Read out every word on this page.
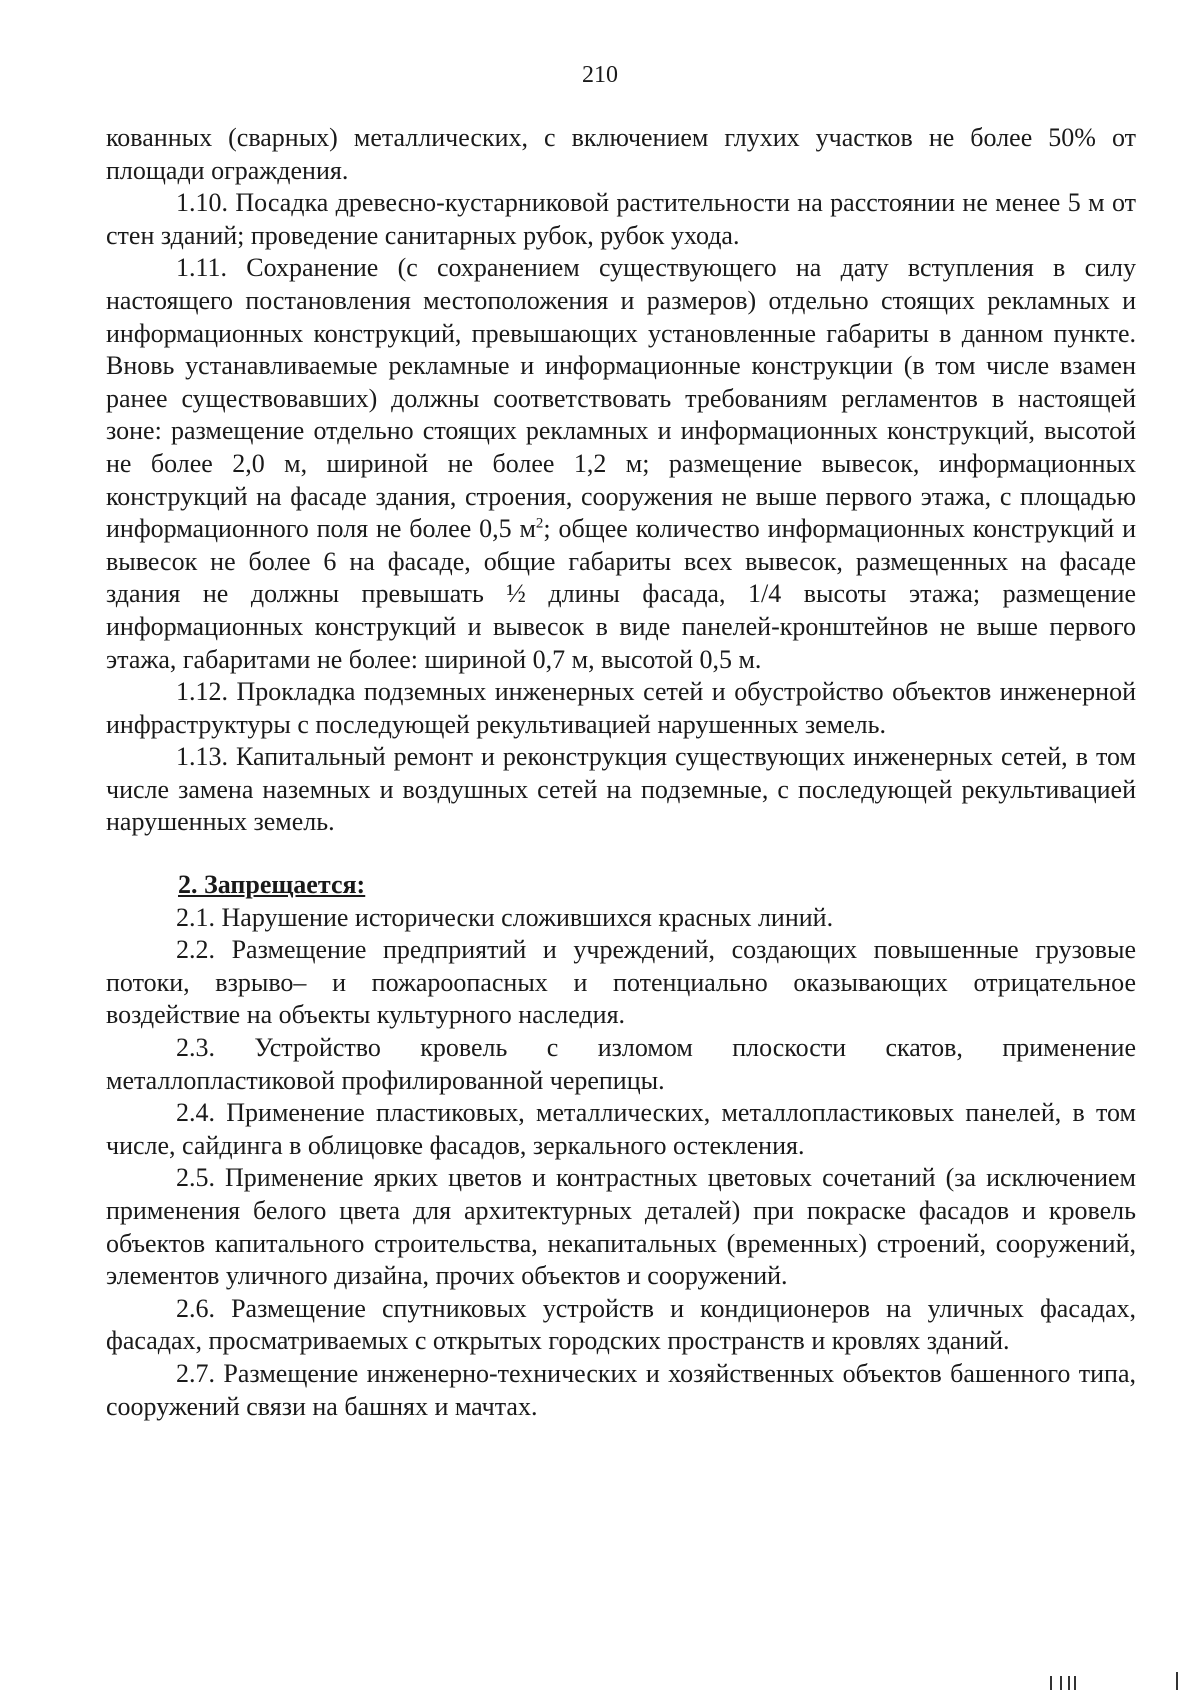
210

кованных (сварных) металлических, с включением глухих участков не более 50% от площади ограждения.

1.10. Посадка древесно-кустарниковой растительности на расстоянии не менее 5 м от стен зданий; проведение санитарных рубок, рубок ухода.

1.11. Сохранение (с сохранением существующего на дату вступления в силу настоящего постановления местоположения и размеров) отдельно стоящих рекламных и информационных конструкций, превышающих установленные габариты в данном пункте. Вновь устанавливаемые рекламные и информационные конструкции (в том числе взамен ранее существовавших) должны соответствовать требованиям регламентов в настоящей зоне: размещение отдельно стоящих рекламных и информационных конструкций, высотой не более 2,0 м, шириной не более 1,2 м; размещение вывесок, информационных конструкций на фасаде здания, строения, сооружения не выше первого этажа, с площадью информационного поля не более 0,5 $м^2$; общее количество информационных конструкций и вывесок не более 6 на фасаде, общие габариты всех вывесок, размещенных на фасаде здания не должны превышать ½ длины фасада, 1/4 высоты этажа; размещение информационных конструкций и вывесок в виде панелей-кронштейнов не выше первого этажа, габаритами не более: шириной 0,7 м, высотой 0,5 м.

1.12. Прокладка подземных инженерных сетей и обустройство объектов инженерной инфраструктуры с последующей рекультивацией нарушенных земель.

1.13. Капитальный ремонт и реконструкция существующих инженерных сетей, в том числе замена наземных и воздушных сетей на подземные, с последующей рекультивацией нарушенных земель.

2. Запрещается:

2.1. Нарушение исторически сложившихся красных линий.

2.2. Размещение предприятий и учреждений, создающих повышенные грузовые потоки, взрыво– и пожароопасных и потенциально оказывающих отрицательное воздействие на объекты культурного наследия.

2.3. Устройство кровель с изломом плоскости скатов, применение металлопластиковой профилированной черепицы.

2.4. Применение пластиковых, металлических, металлопластиковых панелей, в том числе, сайдинга в облицовке фасадов, зеркального остекления.

2.5. Применение ярких цветов и контрастных цветовых сочетаний (за исключением применения белого цвета для архитектурных деталей) при покраске фасадов и кровель объектов капитального строительства, некапитальных (временных) строений, сооружений, элементов уличного дизайна, прочих объектов и сооружений.

2.6. Размещение спутниковых устройств и кондиционеров на уличных фасадах, фасадах, просматриваемых с открытых городских пространств и кровлях зданий.

2.7. Размещение инженерно-технических и хозяйственных объектов башенного типа, сооружений связи на башнях и мачтах.
